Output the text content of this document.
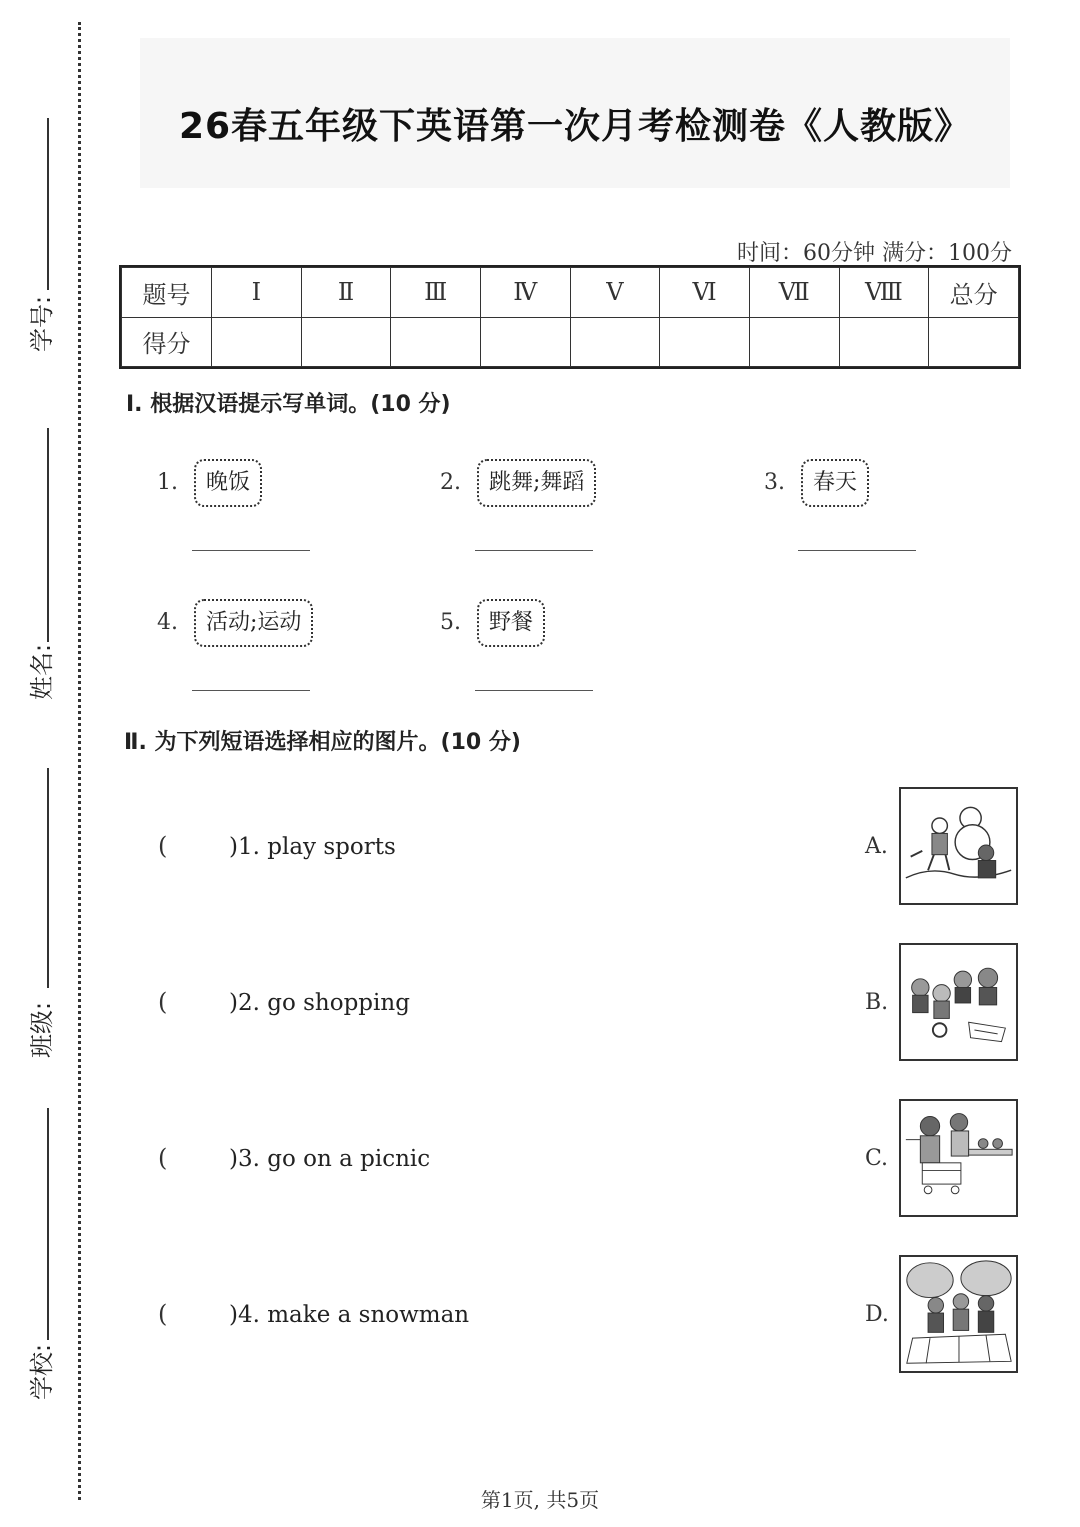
学号:
姓名:
班级:
学校:
26春五年级下英语第一次月考检测卷《人教版》
时间：60分钟 满分：100分
题号	Ⅰ	Ⅱ	Ⅲ	Ⅳ	Ⅴ	Ⅵ	Ⅶ	Ⅷ	总分
得分									
Ⅰ. 根据汉语提示写单词。(10 分)
1.	晚饭	2.	跳舞;舞蹈	3.	春天
4.	活动;运动	5.	野餐
Ⅱ. 为下列短语选择相应的图片。(10 分)
(	)1. play sports
(	)2. go shopping
(	)3. go on a picnic
(	)4. make a snowman
A.
B.
C.
D.
第1页, 共5页
